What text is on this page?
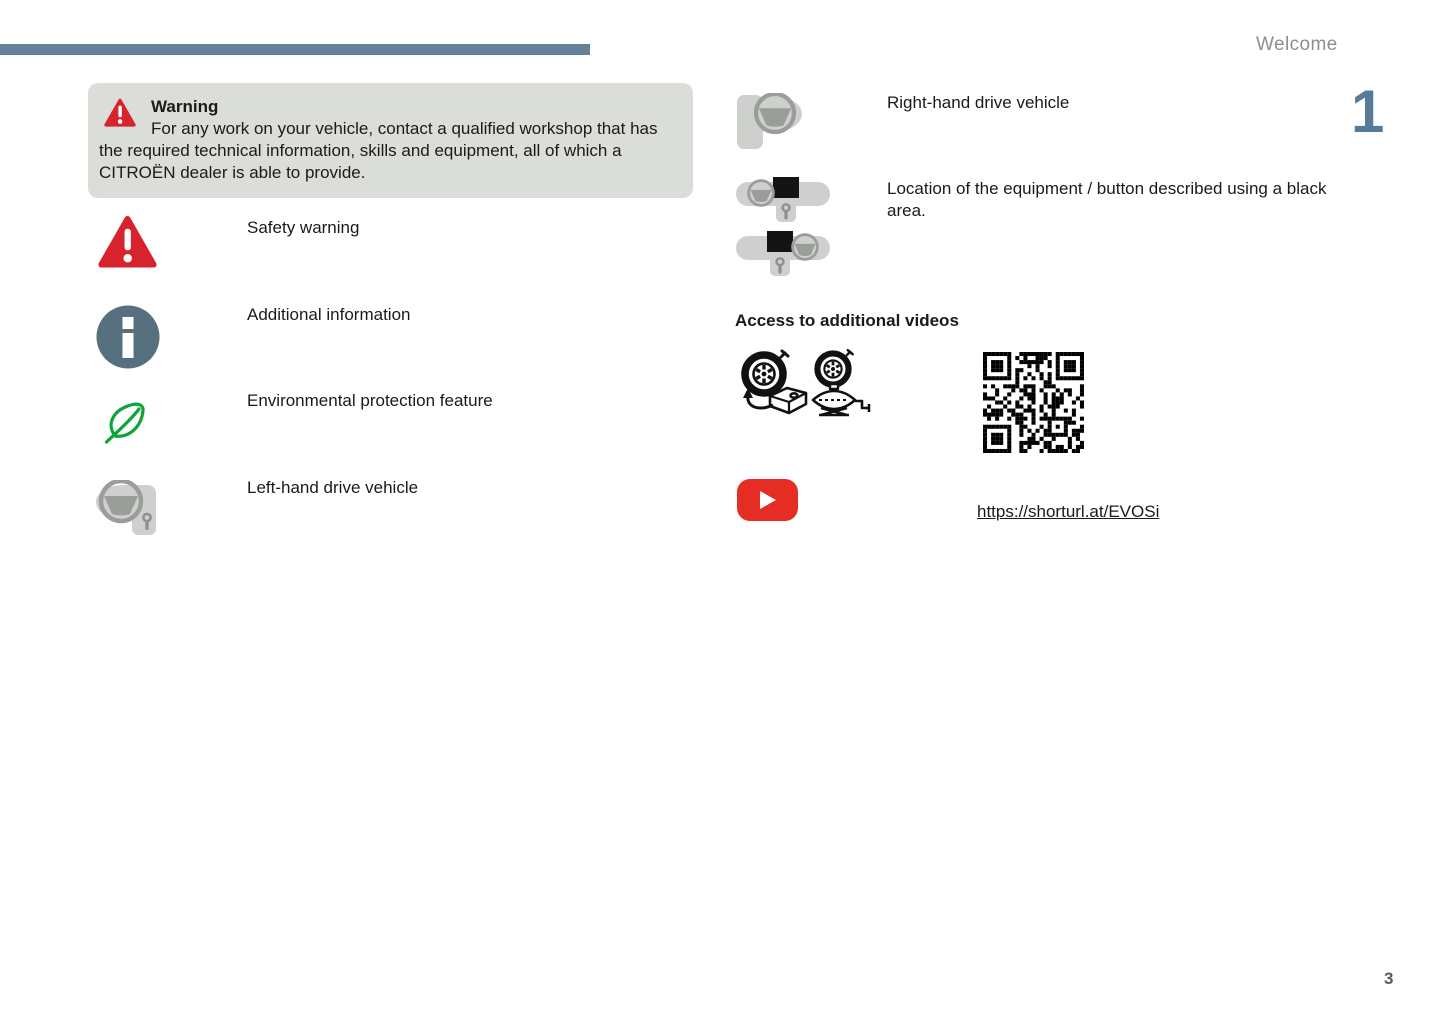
Welcome
1
Warning
For any work on your vehicle, contact a qualified workshop that has the required technical information, skills and equipment, all of which a CITROËN dealer is able to provide.
Safety warning
Additional information
Environmental protection feature
Left-hand drive vehicle
Right-hand drive vehicle
Location of the equipment / button described using a black area.
Access to additional videos
https://shorturl.at/EVOSi
3
